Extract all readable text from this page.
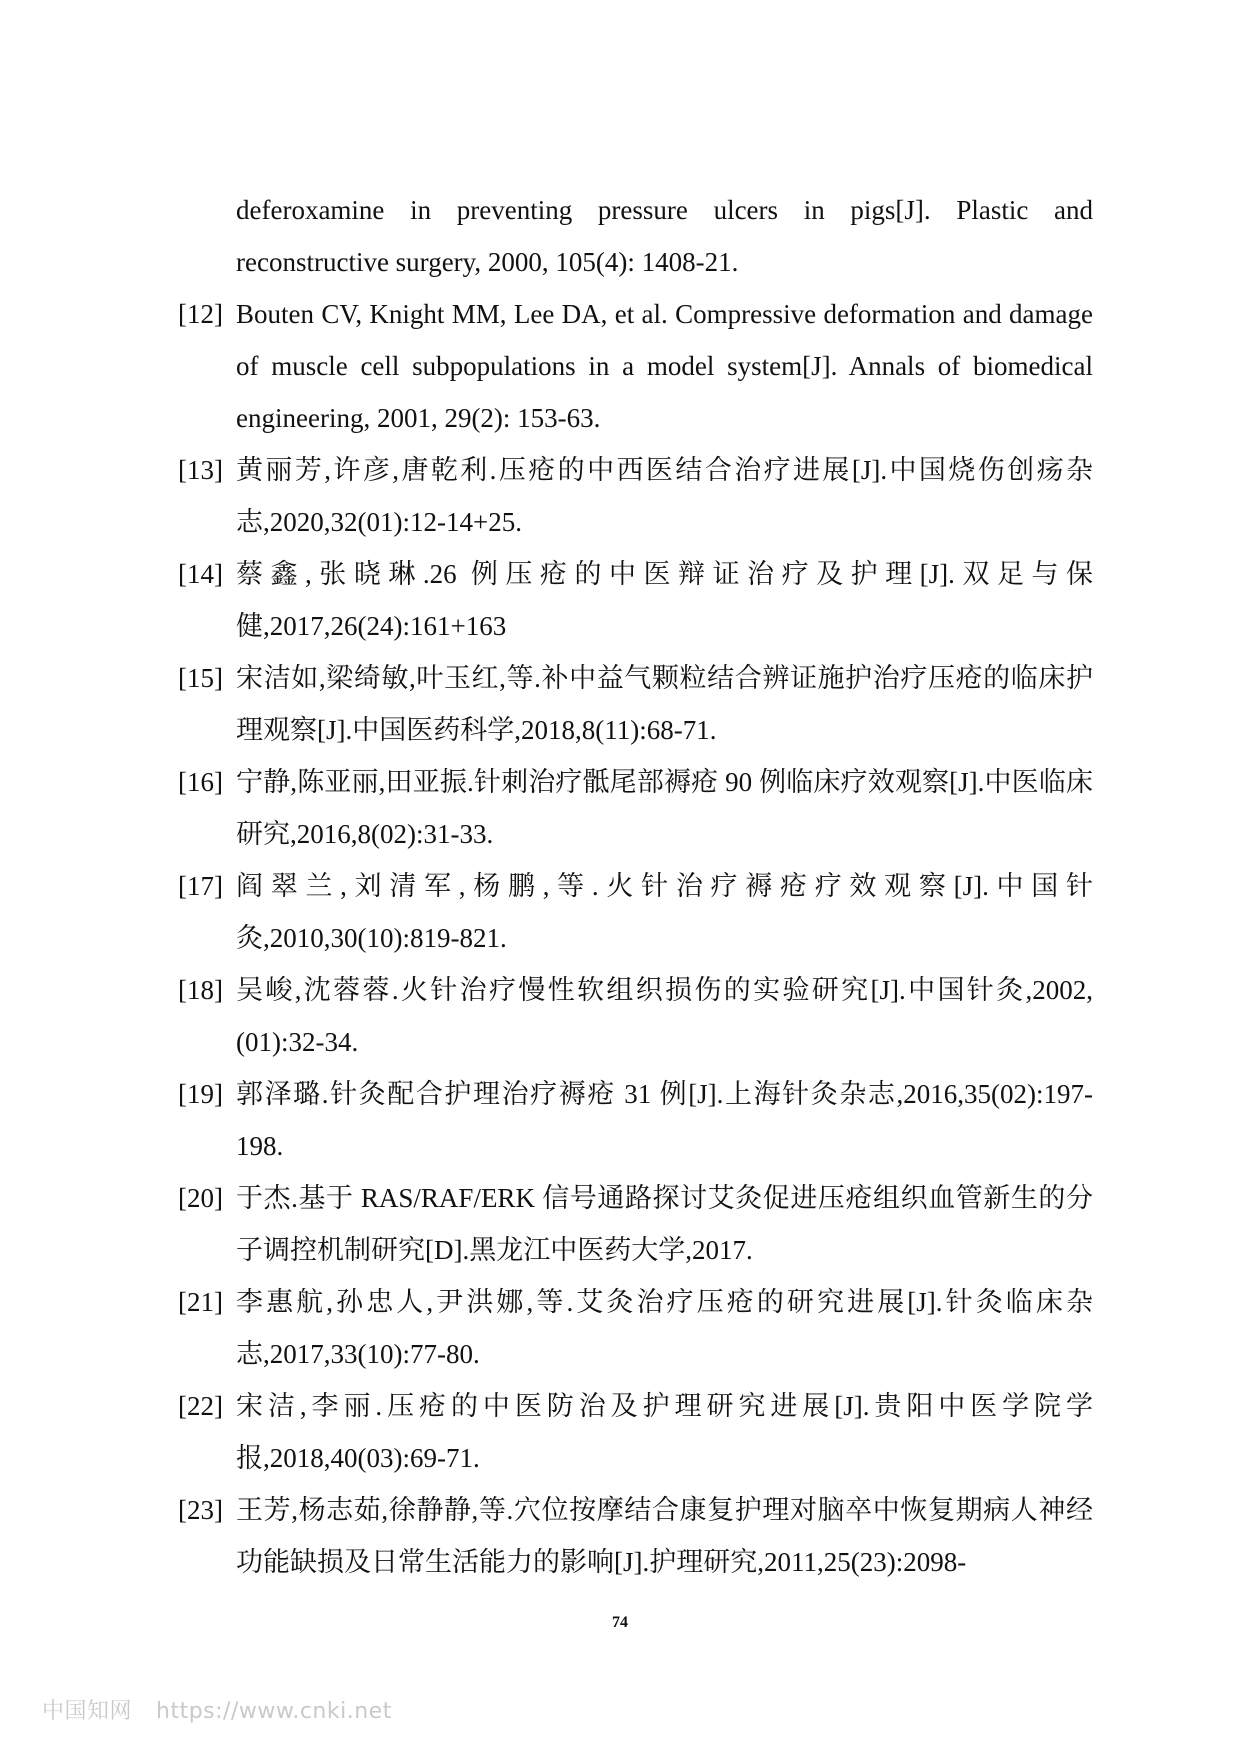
deferoxamine in preventing pressure ulcers in pigs[J]. Plastic and reconstructive surgery, 2000, 105(4): 1408-21.
[12] Bouten CV, Knight MM, Lee DA, et al. Compressive deformation and damage of muscle cell subpopulations in a model system[J]. Annals of biomedical engineering, 2001, 29(2): 153-63.
[13] 黄丽芳,许彦,唐乾利.压疮的中西医结合治疗进展[J].中国烧伤创疡杂志,2020,32(01):12-14+25.
[14] 蔡鑫,张晓琳.26 例压疮的中医辩证治疗及护理[J].双足与保健,2017,26(24):161+163
[15] 宋洁如,梁绮敏,叶玉红,等.补中益气颗粒结合辨证施护治疗压疮的临床护理观察[J].中国医药科学,2018,8(11):68-71.
[16] 宁静,陈亚丽,田亚振.针刺治疗骶尾部褥疮 90 例临床疗效观察[J].中医临床研究,2016,8(02):31-33.
[17] 阎翠兰,刘清军,杨鹏,等.火针治疗褥疮疗效观察[J].中国针灸,2010,30(10):819-821.
[18] 吴峻,沈蓉蓉.火针治疗慢性软组织损伤的实验研究[J].中国针灸,2002,(01):32-34.
[19] 郭泽璐.针灸配合护理治疗褥疮 31 例[J].上海针灸杂志,2016,35(02):197-198.
[20] 于杰.基于 RAS/RAF/ERK 信号通路探讨艾灸促进压疮组织血管新生的分子调控机制研究[D].黑龙江中医药大学,2017.
[21] 李惠航,孙忠人,尹洪娜,等.艾灸治疗压疮的研究进展[J].针灸临床杂志,2017,33(10):77-80.
[22] 宋洁,李丽.压疮的中医防治及护理研究进展[J].贵阳中医学院学报,2018,40(03):69-71.
[23] 王芳,杨志茹,徐静静,等.穴位按摩结合康复护理对脑卒中恢复期病人神经功能缺损及日常生活能力的影响[J].护理研究,2011,25(23):2098-
74
中国知网 https://www.cnki.net
